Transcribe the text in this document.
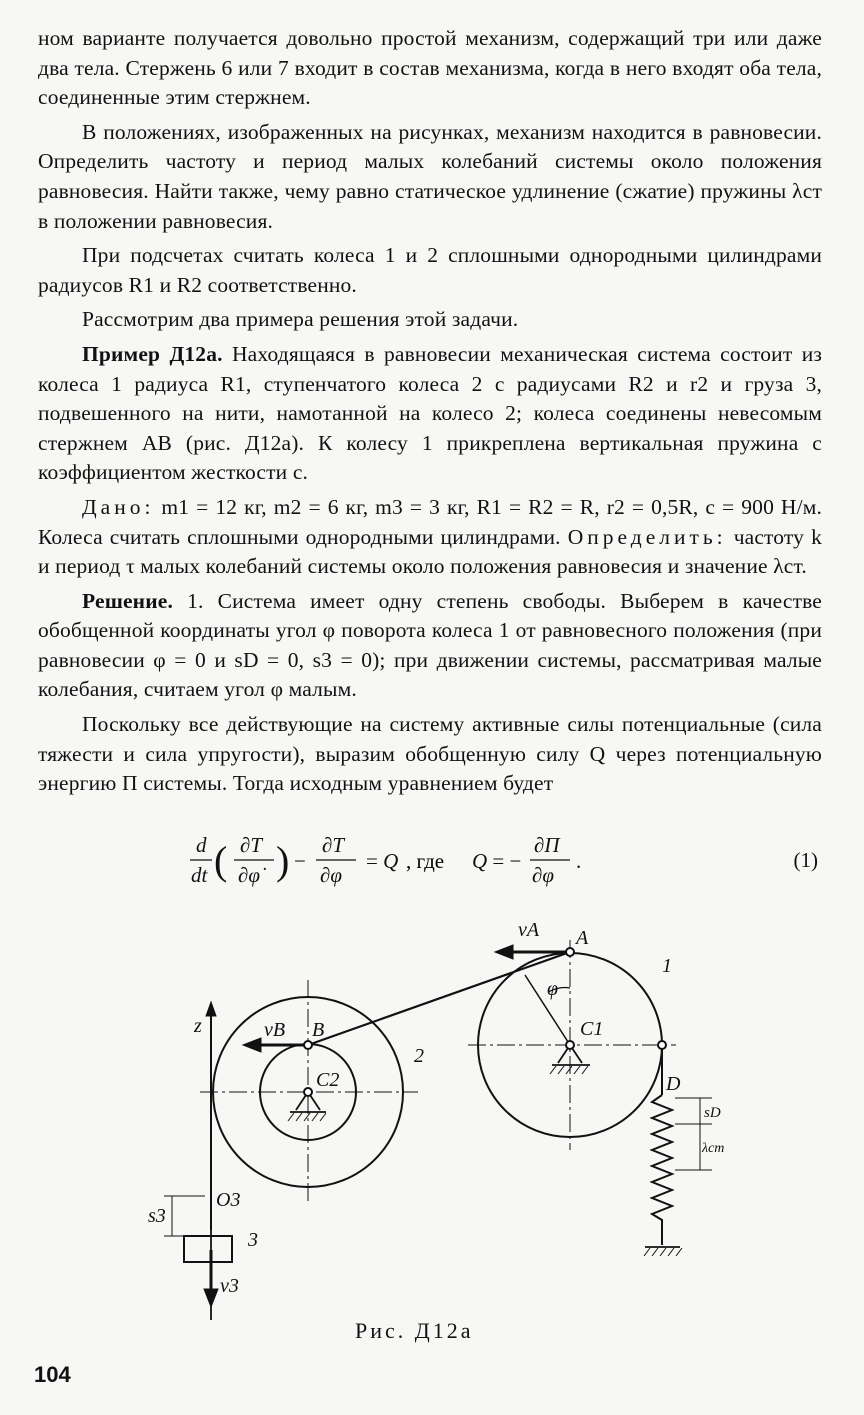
ном варианте получается довольно простой механизм, содержащий три или даже два тела. Стержень 6 или 7 входит в состав механизма, когда в него входят оба тела, соединенные этим стержнем.

В положениях, изображенных на рисунках, механизм находится в равновесии. Определить частоту и период малых колебаний системы около положения равновесия. Найти также, чему равно статическое удлинение (сжатие) пружины λст в положении равновесия.

При подсчетах считать колеса 1 и 2 сплошными однородными цилиндрами радиусов R1 и R2 соответственно.

Рассмотрим два примера решения этой задачи.

Пример Д12а. Находящаяся в равновесии механическая система состоит из колеса 1 радиуса R1, ступенчатого колеса 2 с радиусами R2 и r2 и груза 3, подвешенного на нити, намотанной на колесо 2; колеса соединены невесомым стержнем AB (рис. Д12а). К колесу 1 прикреплена вертикальная пружина с коэффициентом жесткости c.

Дано: m1 = 12 кг, m2 = 6 кг, m3 = 3 кг, R1 = R2 = R, r2 = 0,5R, c = 900 Н/м. Колеса считать сплошными однородными цилиндрами. Определить: частоту k и период τ малых колебаний системы около положения равновесия и значение λст.

Решение. 1. Система имеет одну степень свободы. Выберем в качестве обобщенной координаты угол φ поворота колеса 1 от равновесного положения (при равновесии φ = 0 и sD = 0, s3 = 0); при движении системы, рассматривая малые колебания, считаем угол φ малым.

Поскольку все действующие на систему активные силы потенциальные (сила тяжести и сила упругости), выразим обобщенную силу Q через потенциальную энергию П системы. Тогда исходным уравнением будет

d
dt ( ∂T
∂φ̇ ) −
∂T
∂φ
= Q , где Q = −
∂П
∂φ
.	(1)
vA A
1
φ
C1
z	vB B
2
C2	D
sD
λст
O3
s3
3
v3
Рис. Д12а
104
